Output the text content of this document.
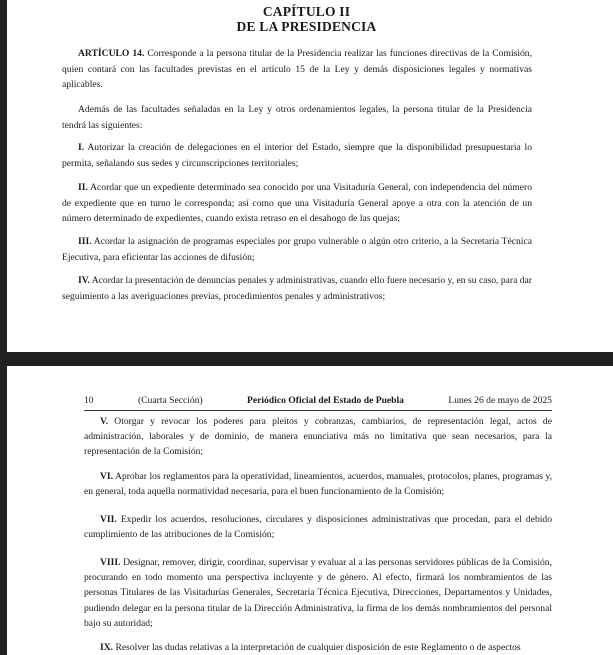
CAPÍTULO II
DE LA PRESIDENCIA
ARTÍCULO 14. Corresponde a la persona titular de la Presidencia realizar las funciones directivas de la Comisión, quien contará con las facultades previstas en el artículo 15 de la Ley y demás disposiciones legales y normativas aplicables.
Además de las facultades señaladas en la Ley y otros ordenamientos legales, la persona titular de la Presidencia tendrá las siguientes:
I. Autorizar la creación de delegaciones en el interior del Estado, siempre que la disponibilidad presupuestaria lo permita, señalando sus sedes y circunscripciones territoriales;
II. Acordar que un expediente determinado sea conocido por una Visitaduría General, con independencia del número de expediente que en turno le corresponda; así como que una Visitaduría General apoye a otra con la atención de un número determinado de expedientes, cuando exista retraso en el desahogo de las quejas;
III. Acordar la asignación de programas especiales por grupo vulnerable o algún otro criterio, a la Secretaría Técnica Ejecutiva, para eficientar las acciones de difusión;
IV. Acordar la presentación de denuncias penales y administrativas, cuando ello fuere necesario y, en su caso, para dar seguimiento a las averiguaciones previas, procedimientos penales y administrativos;
10	(Cuarta Sección)	Periódico Oficial del Estado de Puebla	Lunes 26 de mayo de 2025
V. Otorgar y revocar los poderes para pleitos y cobranzas, cambiarios, de representación legal, actos de administración, laborales y de dominio, de manera enunciativa más no limitativa que sean necesarios, para la representación de la Comisión;
VI. Aprobar los reglamentos para la operatividad, lineamientos, acuerdos, manuales, protocolos, planes, programas y, en general, toda aquella normatividad necesaria, para el buen funcionamiento de la Comisión;
VII. Expedir los acuerdos, resoluciones, circulares y disposiciones administrativas que procedan, para el debido cumplimiento de las atribuciones de la Comisión;
VIII. Designar, remover, dirigir, coordinar, supervisar y evaluar al a las personas servidores públicas de la Comisión, procurando en todo momento una perspectiva incluyente y de género. Al efecto, firmará los nombramientos de las personas Titulares de las Visitadurías Generales, Secretaría Técnica Ejecutiva, Direcciones, Departamentos y Unidades, pudiendo delegar en la persona titular de la Dirección Administrativa, la firma de los demás nombramientos del personal bajo su autoridad;
IX. Resolver las dudas relativas a la interpretación de cualquier disposición de este Reglamento o de aspectos
